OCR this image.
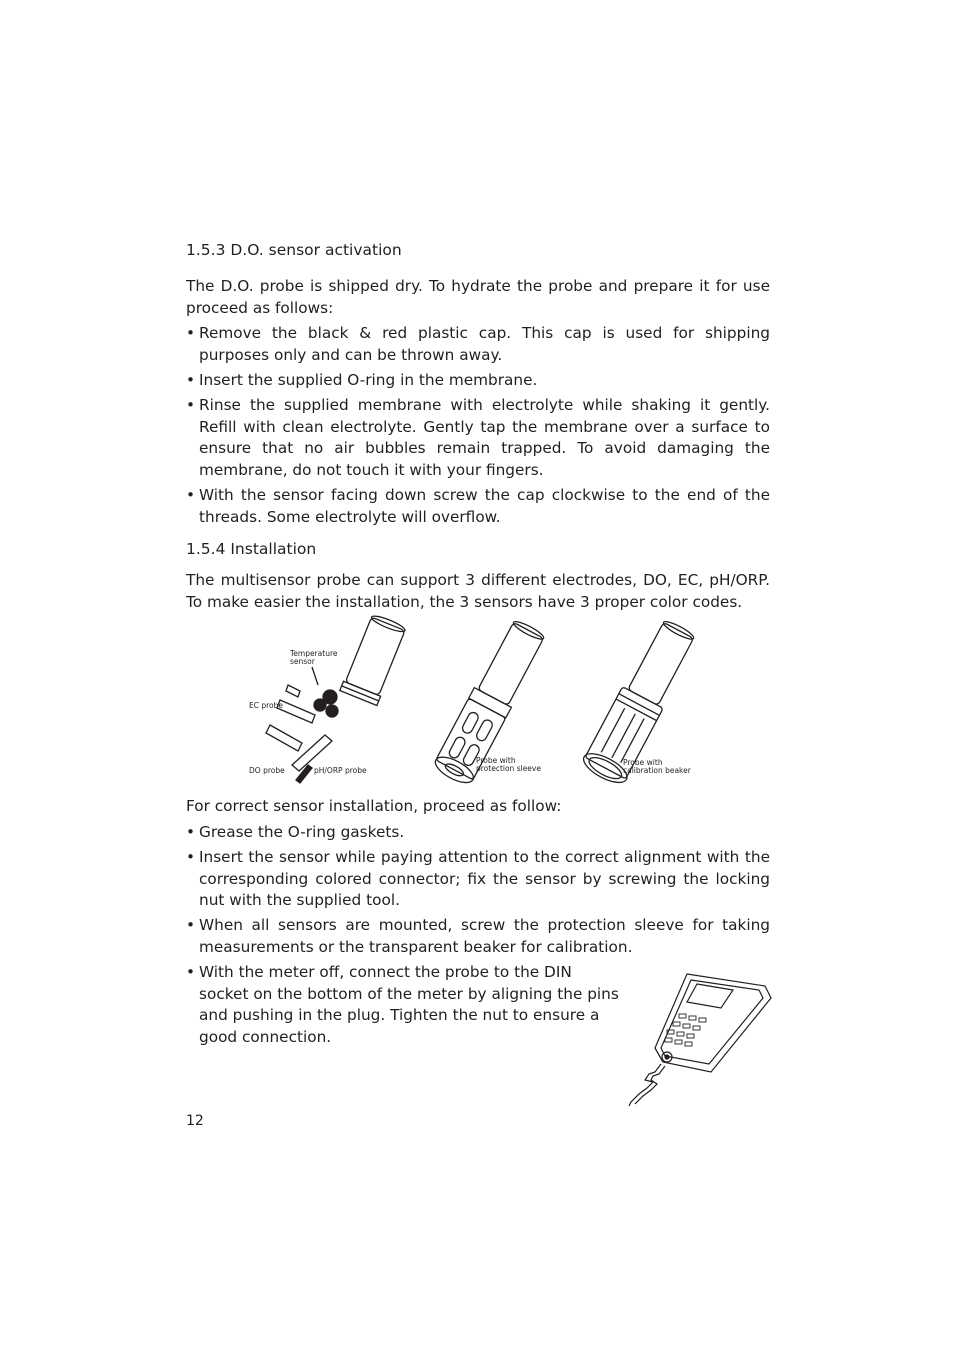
1.5.3 D.O. sensor activation
The D.O. probe is shipped dry. To hydrate the probe and prepare it for use proceed as follows:
• Remove the black & red plastic cap. This cap is used for shipping purposes only and can be thrown away.
• Insert the supplied O-ring in the membrane.
• Rinse the supplied membrane with electrolyte while shaking it gently. Refill with clean electrolyte. Gently tap the membrane over a surface to ensure that no air bubbles remain trapped. To avoid damaging the membrane, do not touch it with your fingers.
• With the sensor facing down screw the cap clockwise to the end of the threads. Some electrolyte will overflow.
1.5.4 Installation
The multisensor probe can support 3 different electrodes, DO, EC, pH/ORP. To make easier the installation, the 3 sensors have 3 proper color codes.
Temperature
sensor
EC probe
DO probe	pH/ORP probe
Probe with
protection sleeve
Probe with
calibration beaker
For correct sensor installation, proceed as follow:
• Grease the O-ring gaskets.
• Insert the sensor while paying attention to the correct alignment with the corresponding colored connector; fix the sensor by screwing the locking nut with the supplied tool.
• When all sensors are mounted, screw the protection sleeve for taking measurements or the transparent beaker for calibration.
• With the meter off, connect the probe to the DIN socket on the bottom of the meter by aligning the pins and pushing in the plug. Tighten the nut to ensure a good connection.
12
